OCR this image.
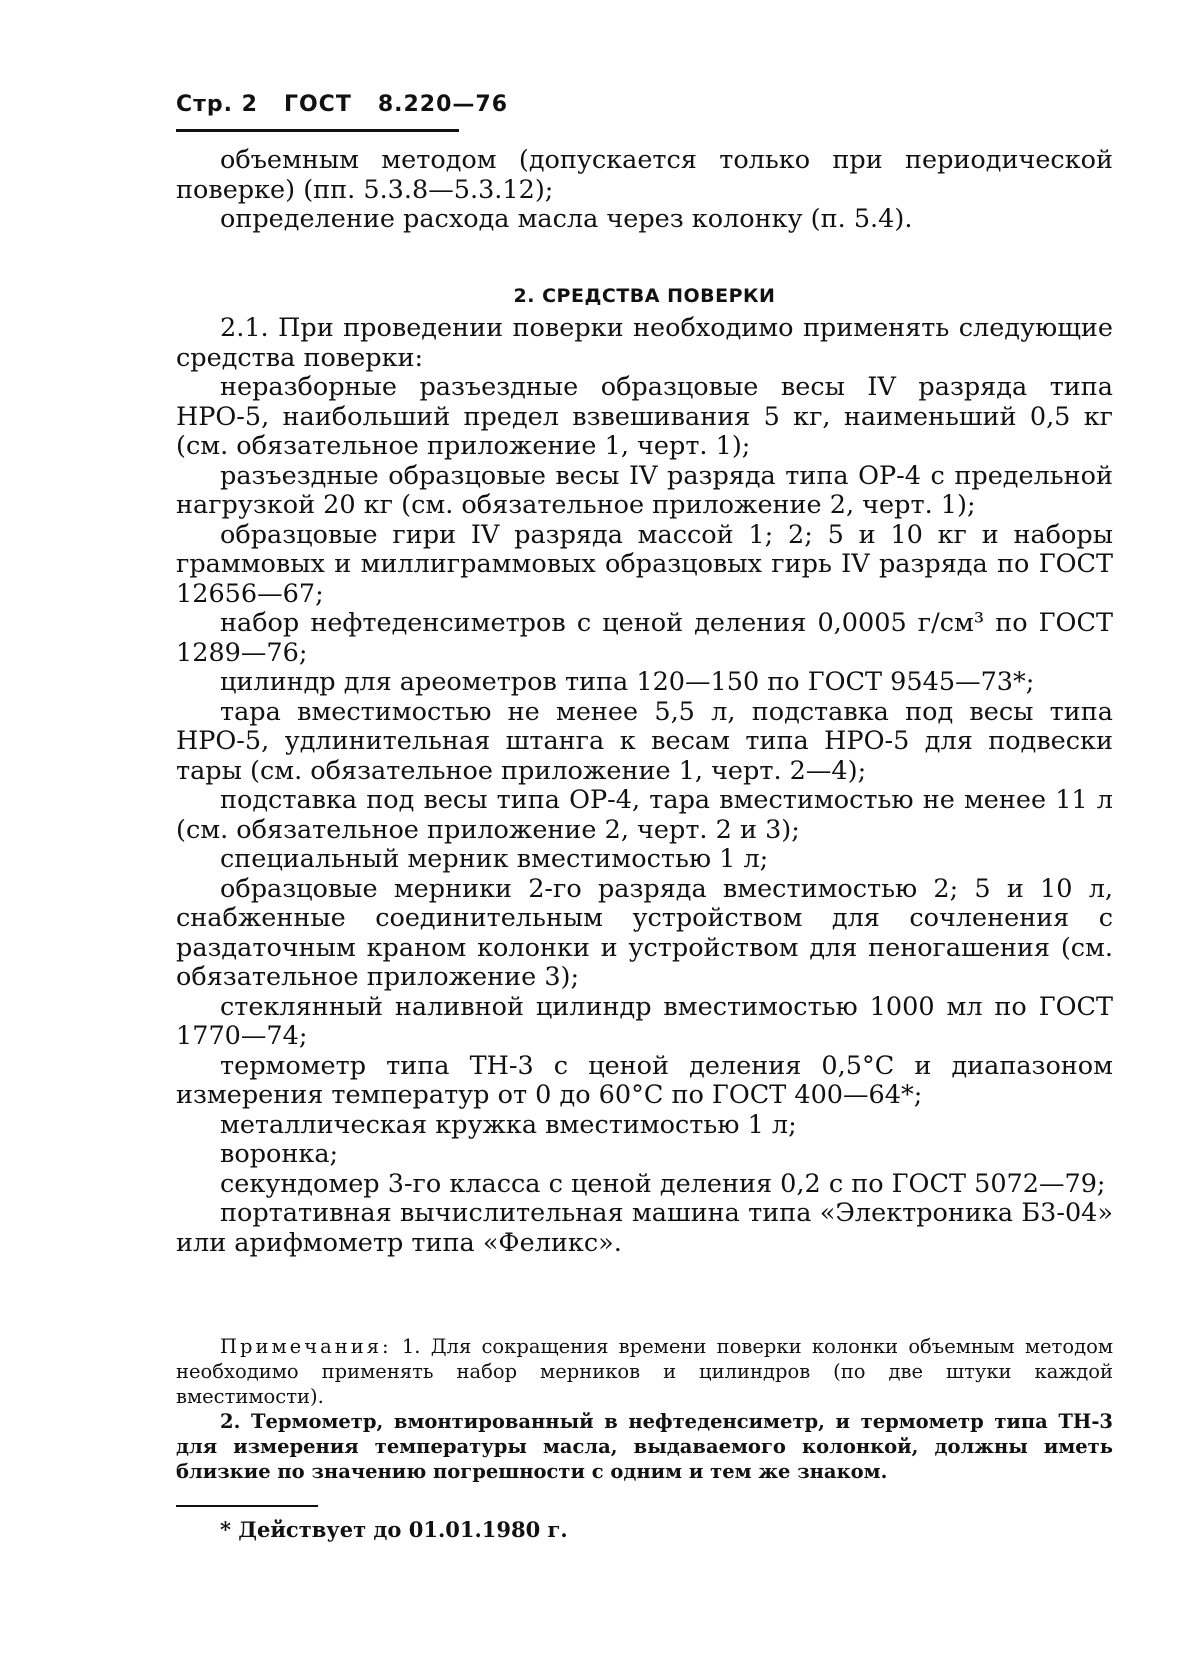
Стр. 2 ГОСТ 8.220—76

объемным методом (допускается только при периодической поверке) (пп. 5.3.8—5.3.12);

определение расхода масла через колонку (п. 5.4).

2. СРЕДСТВА ПОВЕРКИ

2.1. При проведении поверки необходимо применять следующие средства поверки:

неразборные разъездные образцовые весы IV разряда типа НРО-5, наибольший предел взвешивания 5 кг, наименьший 0,5 кг (см. обязательное приложение 1, черт. 1);

разъездные образцовые весы IV разряда типа ОР-4 с предельной нагрузкой 20 кг (см. обязательное приложение 2, черт. 1);

образцовые гири IV разряда массой 1; 2; 5 и 10 кг и наборы граммовых и миллиграммовых образцовых гирь IV разряда по ГОСТ 12656—67;

набор нефтеденсиметров с ценой деления 0,0005 г/см³ по ГОСТ 1289—76;

цилиндр для ареометров типа 120—150 по ГОСТ 9545—73*;

тара вместимостью не менее 5,5 л, подставка под весы типа НРО-5, удлинительная штанга к весам типа НРО-5 для подвески тары (см. обязательное приложение 1, черт. 2—4);

подставка под весы типа ОР-4, тара вместимостью не менее 11 л (см. обязательное приложение 2, черт. 2 и 3);

специальный мерник вместимостью 1 л;

образцовые мерники 2-го разряда вместимостью 2; 5 и 10 л, снабженные соединительным устройством для сочленения с раздаточным краном колонки и устройством для пеногашения (см. обязательное приложение 3);

стеклянный наливной цилиндр вместимостью 1000 мл по ГОСТ 1770—74;

термометр типа ТН-3 с ценой деления 0,5°С и диапазоном измерения температур от 0 до 60°С по ГОСТ 400—64*;

металлическая кружка вместимостью 1 л;

воронка;

секундомер 3-го класса с ценой деления 0,2 с по ГОСТ 5072—79;

портативная вычислительная машина типа «Электроника Б3-04» или арифмометр типа «Феликс».

Примечания: 1. Для сокращения времени поверки колонки объемным методом необходимо применять набор мерников и цилиндров (по две штуки каждой вместимости).

2. Термометр, вмонтированный в нефтеденсиметр, и термометр типа ТН-3 для измерения температуры масла, выдаваемого колонкой, должны иметь близкие по значению погрешности с одним и тем же знаком.

* Действует до 01.01.1980 г.
